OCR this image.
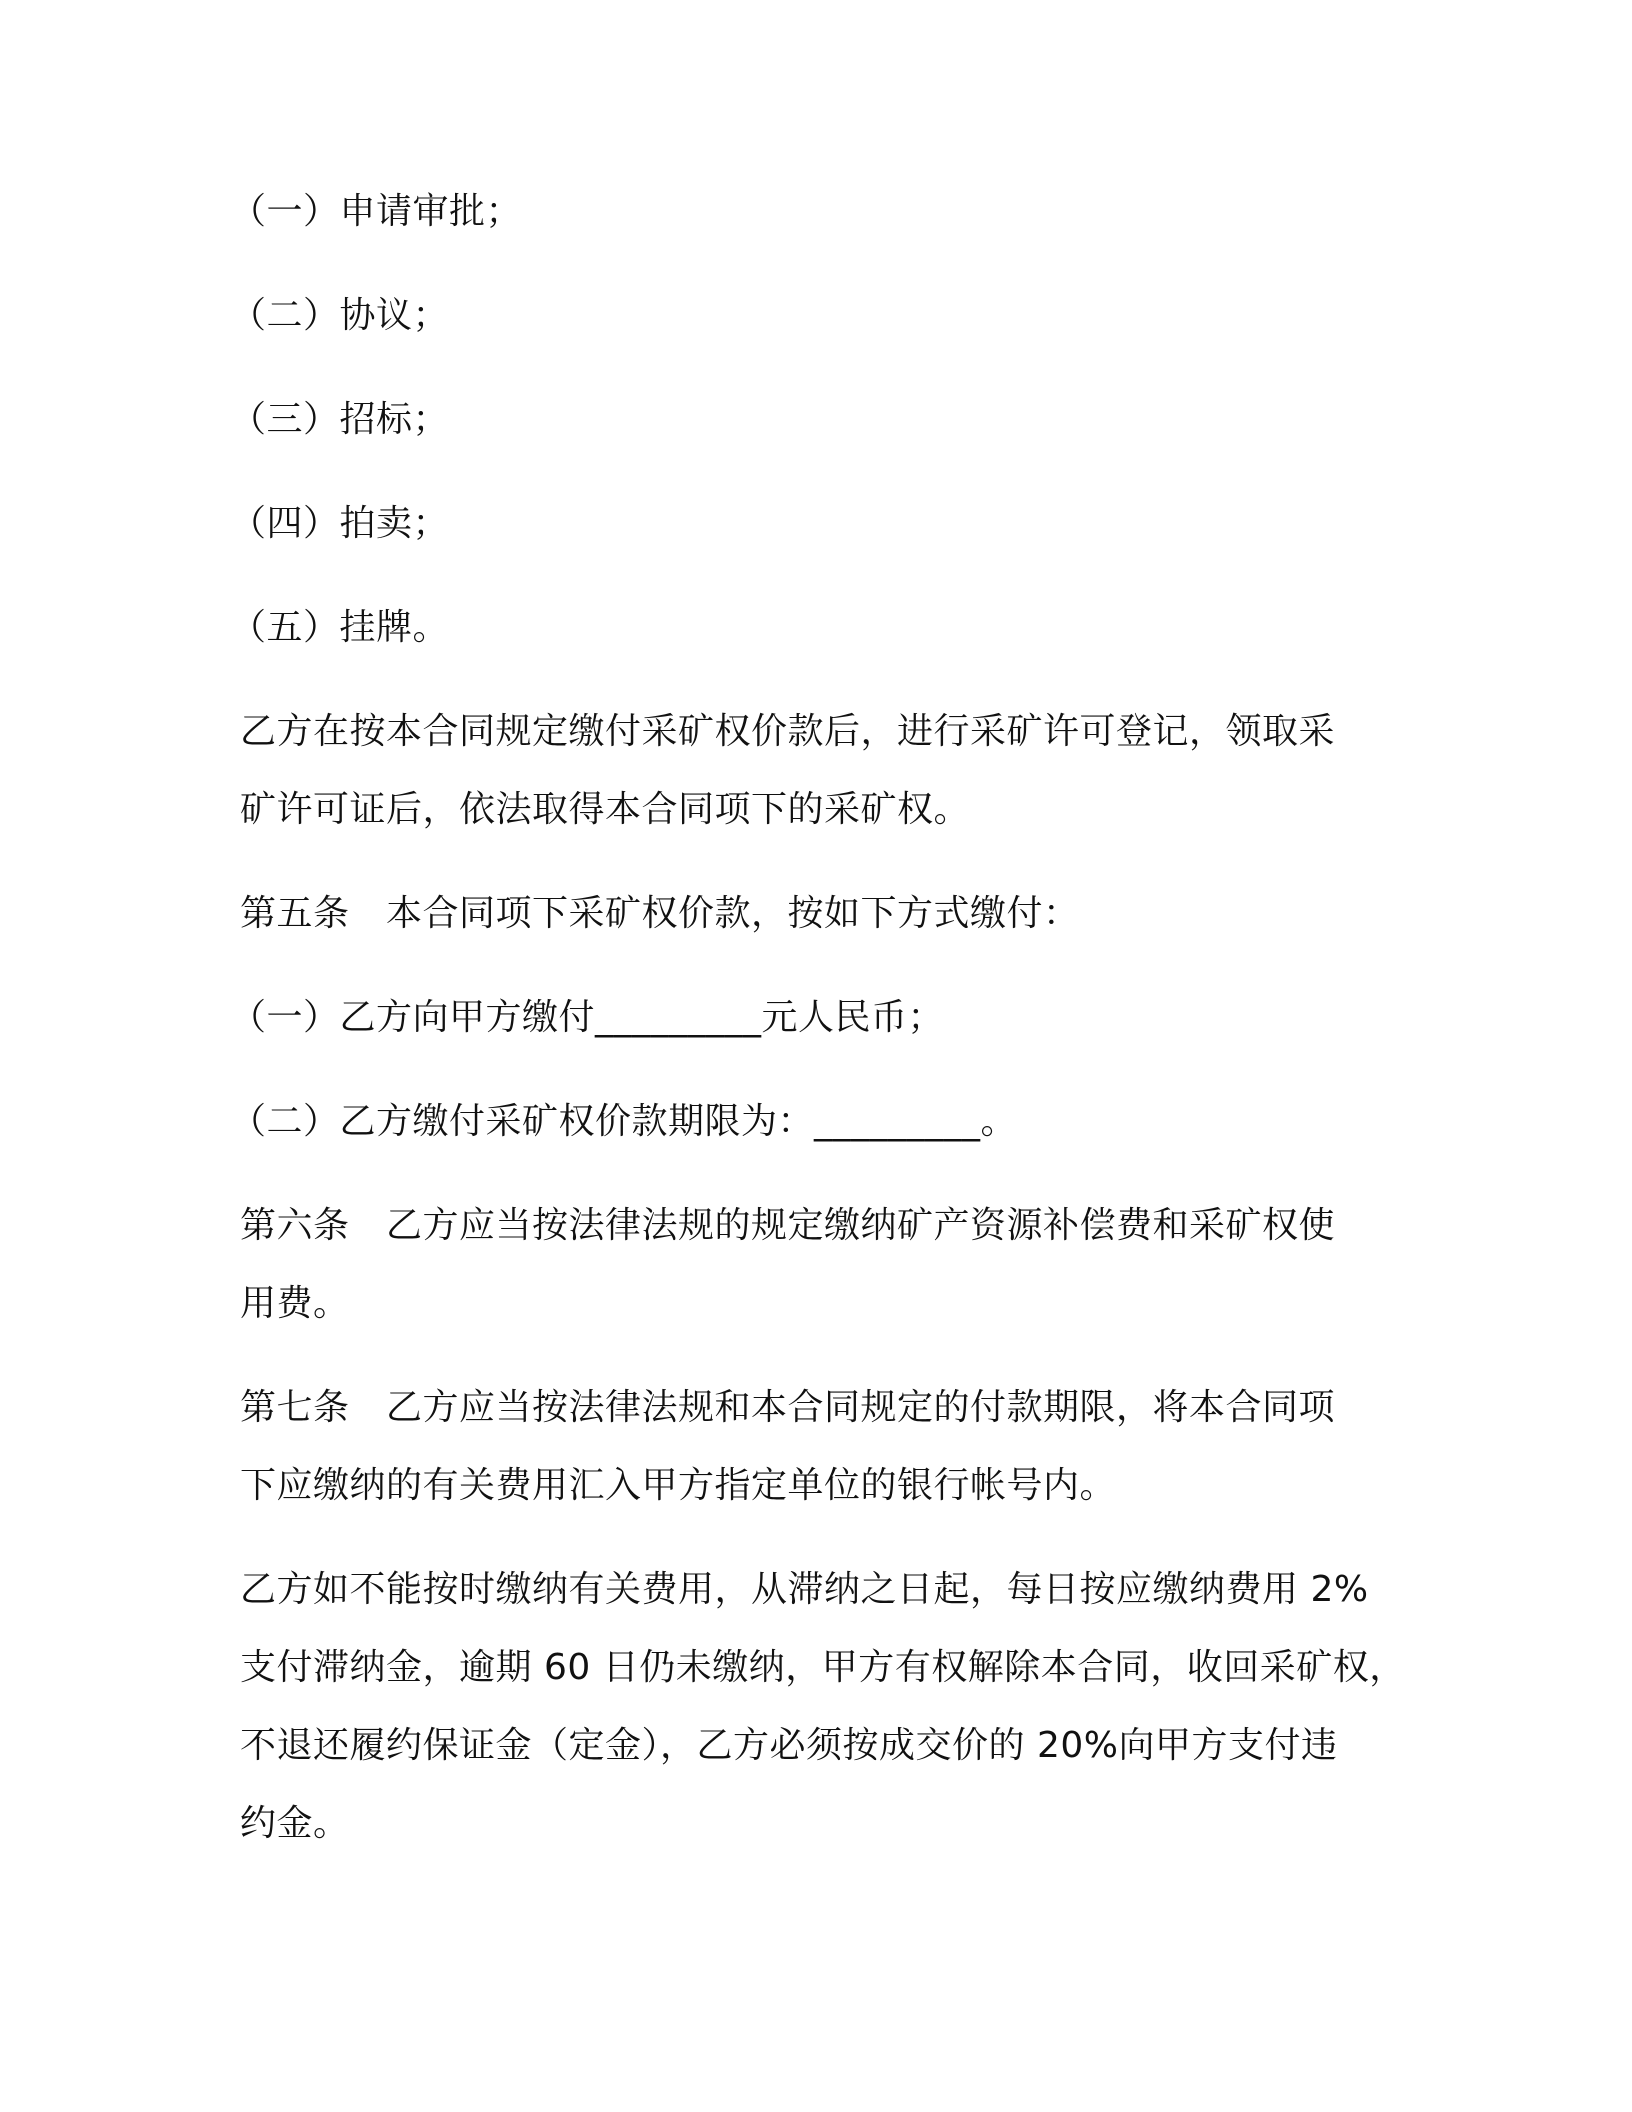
（一）申请审批；
（二）协议；
（三）招标；
（四）拍卖；
（五）挂牌。
乙方在按本合同规定缴付采矿权价款后，进行采矿许可登记，领取采
矿许可证后，依法取得本合同项下的采矿权。
第五条　本合同项下采矿权价款，按如下方式缴付：
（一）乙方向甲方缴付_________元人民币；
（二）乙方缴付采矿权价款期限为：_________。
第六条　乙方应当按法律法规的规定缴纳矿产资源补偿费和采矿权使
用费。
第七条　乙方应当按法律法规和本合同规定的付款期限，将本合同项
下应缴纳的有关费用汇入甲方指定单位的银行帐号内。
乙方如不能按时缴纳有关费用，从滞纳之日起，每日按应缴纳费用 2%
支付滞纳金，逾期 60 日仍未缴纳，甲方有权解除本合同，收回采矿权，
不退还履约保证金（定金），乙方必须按成交价的 20%向甲方支付违
约金。
